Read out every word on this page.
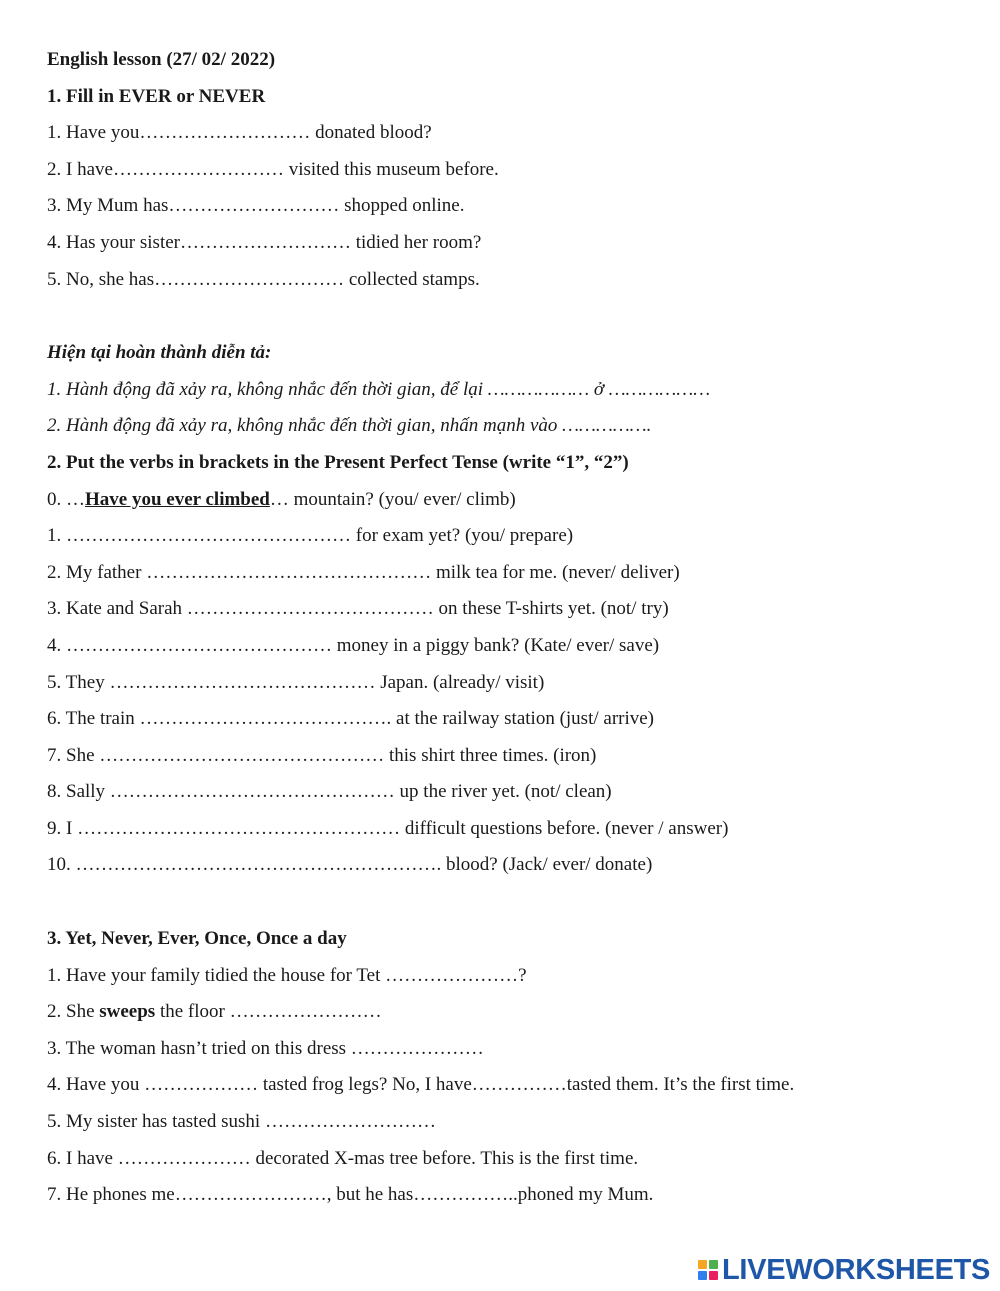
English lesson (27/ 02/ 2022)
1. Fill in EVER or NEVER
1. Have you……………………… donated blood?
2. I have……………………… visited this museum before.
3. My Mum has……………………… shopped online.
4. Has your sister……………………… tidied her room?
5. No, she has………………………… collected stamps.
Hiện tại hoàn thành diễn tả:
1. Hành động đã xảy ra, không nhắc đến thời gian, để lại ……………… ở ………………
2. Hành động đã xảy ra, không nhắc đến thời gian, nhấn mạnh vào …………….
2. Put the verbs in brackets in the Present Perfect Tense (write “1”, “2”)
0. …Have you ever climbed… mountain? (you/ ever/ climb)
1. ……………………………………… for exam yet? (you/ prepare)
2. My father ……………………………………… milk tea for me. (never/ deliver)
3. Kate and Sarah ………………………………… on these T-shirts yet. (not/ try)
4. …………………………………… money in a piggy bank? (Kate/ ever/ save)
5. They …………………………………… Japan. (already/ visit)
6. The train …………………………………. at the railway station (just/ arrive)
7. She ……………………………………… this shirt three times. (iron)
8. Sally ……………………………………… up the river yet. (not/ clean)
9. I …………………………………………… difficult questions before. (never / answer)
10. …………………………………………………. blood? (Jack/ ever/ donate)
3. Yet, Never, Ever, Once, Once a day
1. Have your family tidied the house for Tet …………………?
2. She sweeps the floor ……………………
3. The woman hasn’t tried on this dress …………………
4. Have you ……………… tasted frog legs? No, I have……………tasted them. It’s the first time.
5. My sister has tasted sushi ………………………
6. I have ………………… decorated X-mas tree before. This is the first time.
7. He phones me……………………, but he has……………..phoned my Mum.
LIVEWORKSHEETS
